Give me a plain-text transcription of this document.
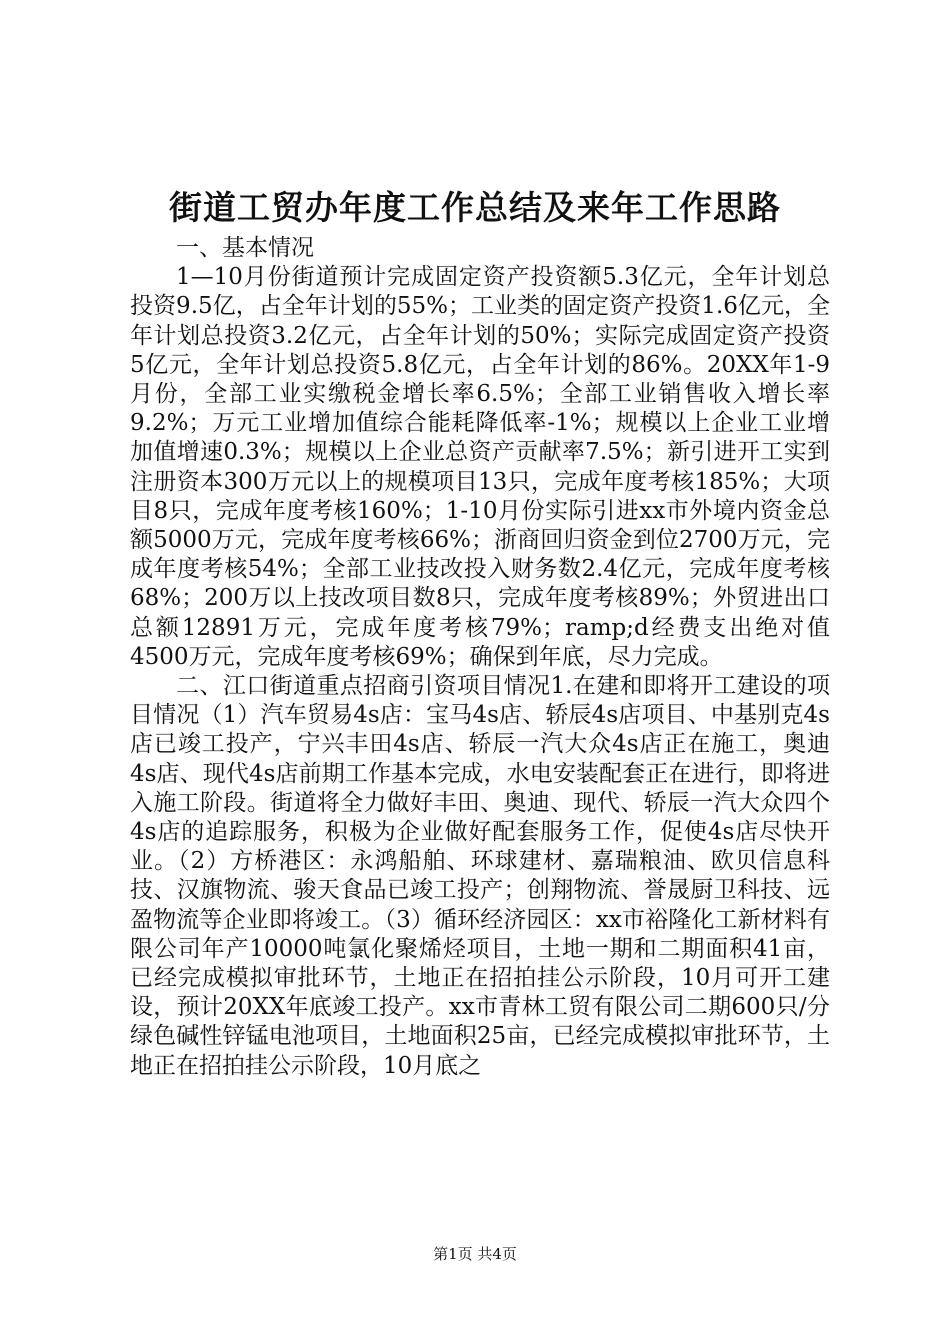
街道工贸办年度工作总结及来年工作思路

一、基本情况

1—10月份街道预计完成固定资产投资额5.3亿元，全年计划总投资9.5亿，占全年计划的55%；工业类的固定资产投资1.6亿元，全年计划总投资3.2亿元，占全年计划的50%；实际完成固定资产投资5亿元，全年计划总投资5.8亿元，占全年计划的86%。20XX年1-9月份，全部工业实缴税金增长率6.5%；全部工业销售收入增长率9.2%；万元工业增加值综合能耗降低率-1%；规模以上企业工业增加值增速0.3%；规模以上企业总资产贡献率7.5%；新引进开工实到注册资本300万元以上的规模项目13只，完成年度考核185%；大项目8只，完成年度考核160%；1-10月份实际引进xx市外境内资金总额5000万元，完成年度考核66%；浙商回归资金到位2700万元，完成年度考核54%；全部工业技改投入财务数2.4亿元，完成年度考核68%；200万以上技改项目数8只，完成年度考核89%；外贸进出口总额12891万元，完成年度考核79%；ramp;d经费支出绝对值4500万元，完成年度考核69%；确保到年底，尽力完成。

二、江口街道重点招商引资项目情况1.在建和即将开工建设的项目情况（1）汽车贸易4s店：宝马4s店、轿辰4s店项目、中基别克4s店已竣工投产，宁兴丰田4s店、轿辰一汽大众4s店正在施工，奥迪4s店、现代4s店前期工作基本完成，水电安装配套正在进行，即将进入施工阶段。街道将全力做好丰田、奥迪、现代、轿辰一汽大众四个4s店的追踪服务，积极为企业做好配套服务工作，促使4s店尽快开业。（2）方桥港区：永鸿船舶、环球建材、嘉瑞粮油、欧贝信息科技、汉旗物流、骏天食品已竣工投产；创翔物流、誉晟厨卫科技、远盈物流等企业即将竣工。（3）循环经济园区：xx市裕隆化工新材料有限公司年产10000吨氯化聚烯烃项目，土地一期和二期面积41亩，已经完成模拟审批环节，土地正在招拍挂公示阶段，10月可开工建设，预计20XX年底竣工投产。xx市青林工贸有限公司二期600只/分绿色碱性锌锰电池项目，土地面积25亩，已经完成模拟审批环节，土地正在招拍挂公示阶段，10月底之

第1页 共4页
